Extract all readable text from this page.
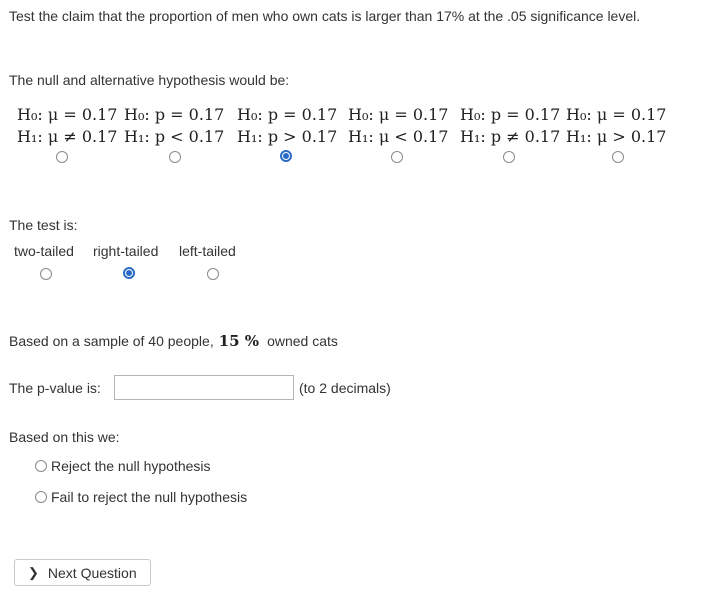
Test the claim that the proportion of men who own cats is larger than 17% at the .05 significance level.
The null and alternative hypothesis would be:
H₀: μ = 0.17
H₁: μ ≠ 0.17
H₀: p = 0.17
H₁: p < 0.17
H₀: p = 0.17
H₁: p > 0.17
H₀: μ = 0.17
H₁: μ < 0.17
H₀: p = 0.17
H₁: p ≠ 0.17
H₀: μ = 0.17
H₁: μ > 0.17
The test is:
two-tailed right-tailed left-tailed
Based on a sample of 40 people, 15 % owned cats
The p-value is:	(to 2 decimals)
Based on this we:
Reject the null hypothesis
Fail to reject the null hypothesis
❯ Next Question
